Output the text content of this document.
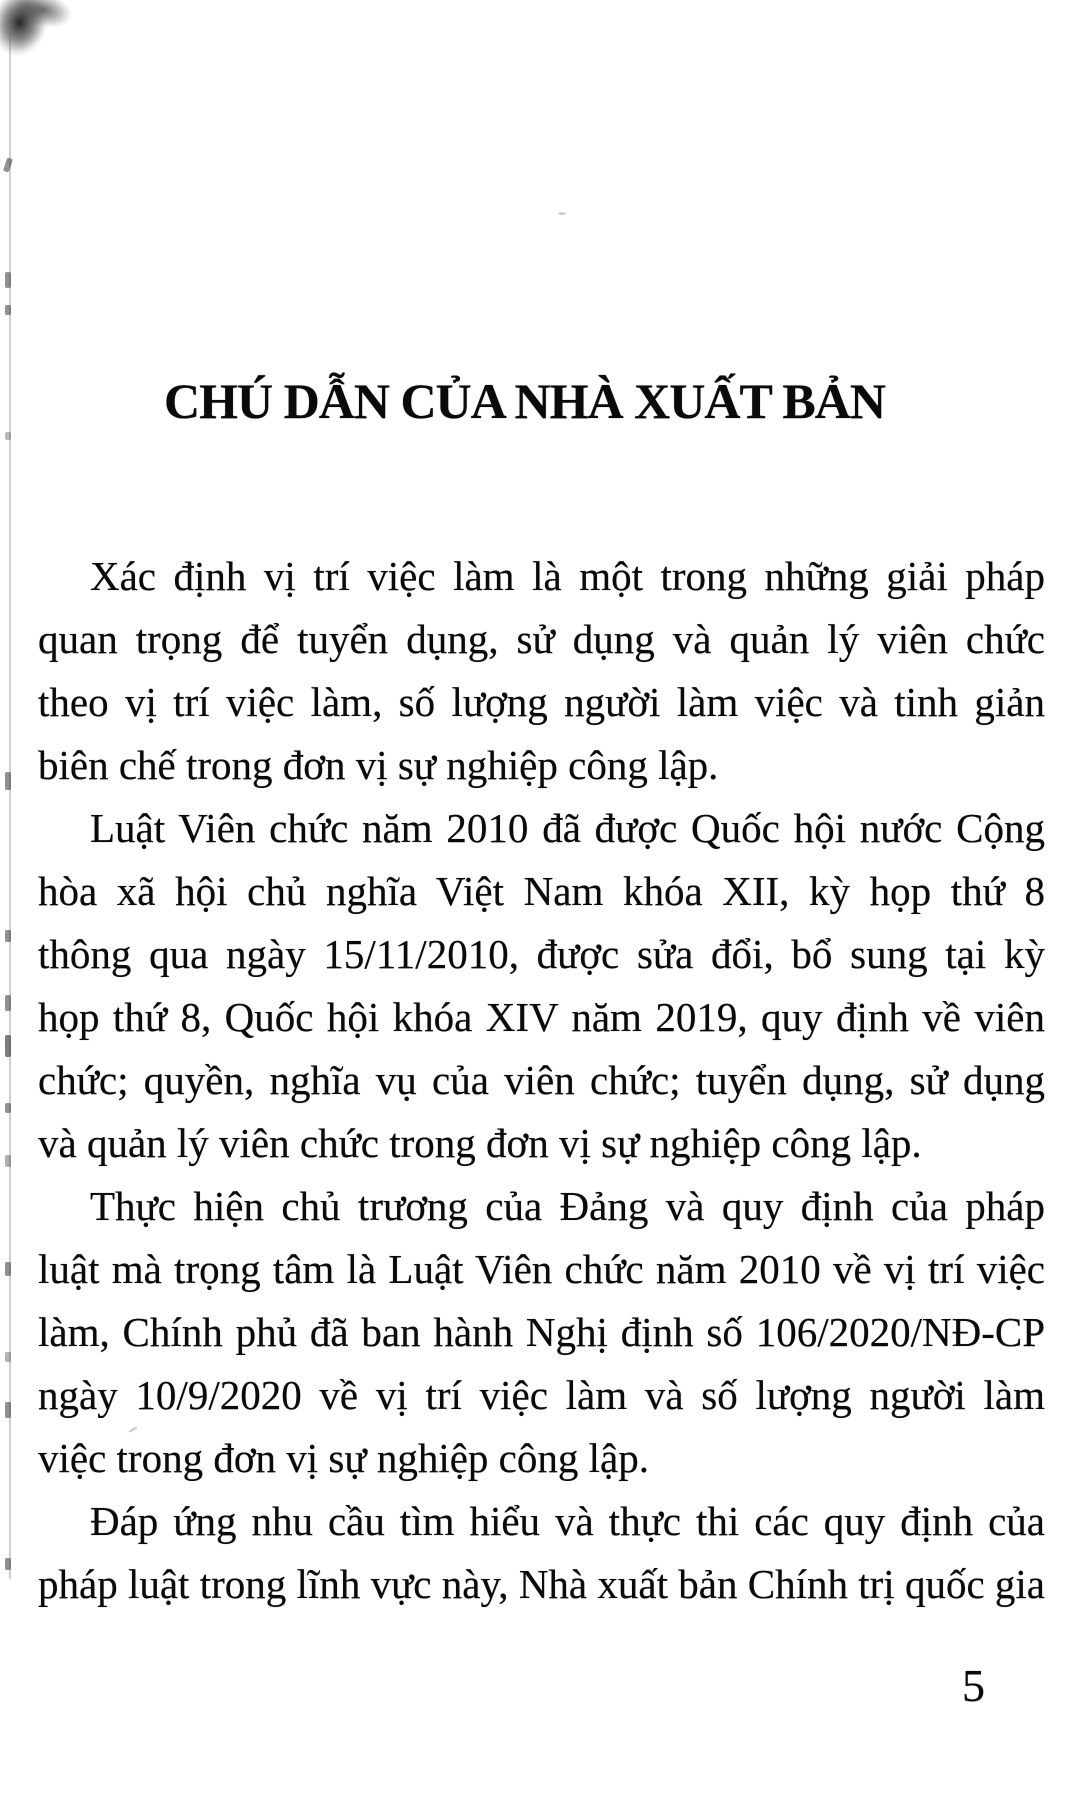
CHÚ DẪN CỦA NHÀ XUẤT BẢN
Xác định vị trí việc làm là một trong những giải pháp
quan trọng để tuyển dụng, sử dụng và quản lý viên chức
theo vị trí việc làm, số lượng người làm việc và tinh giản
biên chế trong đơn vị sự nghiệp công lập.
Luật Viên chức năm 2010 đã được Quốc hội nước Cộng
hòa xã hội chủ nghĩa Việt Nam khóa XII, kỳ họp thứ 8
thông qua ngày 15/11/2010, được sửa đổi, bổ sung tại kỳ
họp thứ 8, Quốc hội khóa XIV năm 2019, quy định về viên
chức; quyền, nghĩa vụ của viên chức; tuyển dụng, sử dụng
và quản lý viên chức trong đơn vị sự nghiệp công lập.
Thực hiện chủ trương của Đảng và quy định của pháp
luật mà trọng tâm là Luật Viên chức năm 2010 về vị trí việc
làm, Chính phủ đã ban hành Nghị định số 106/2020/NĐ-CP
ngày 10/9/2020 về vị trí việc làm và số lượng người làm
việc trong đơn vị sự nghiệp công lập.
Đáp ứng nhu cầu tìm hiểu và thực thi các quy định của
pháp luật trong lĩnh vực này, Nhà xuất bản Chính trị quốc gia
5
